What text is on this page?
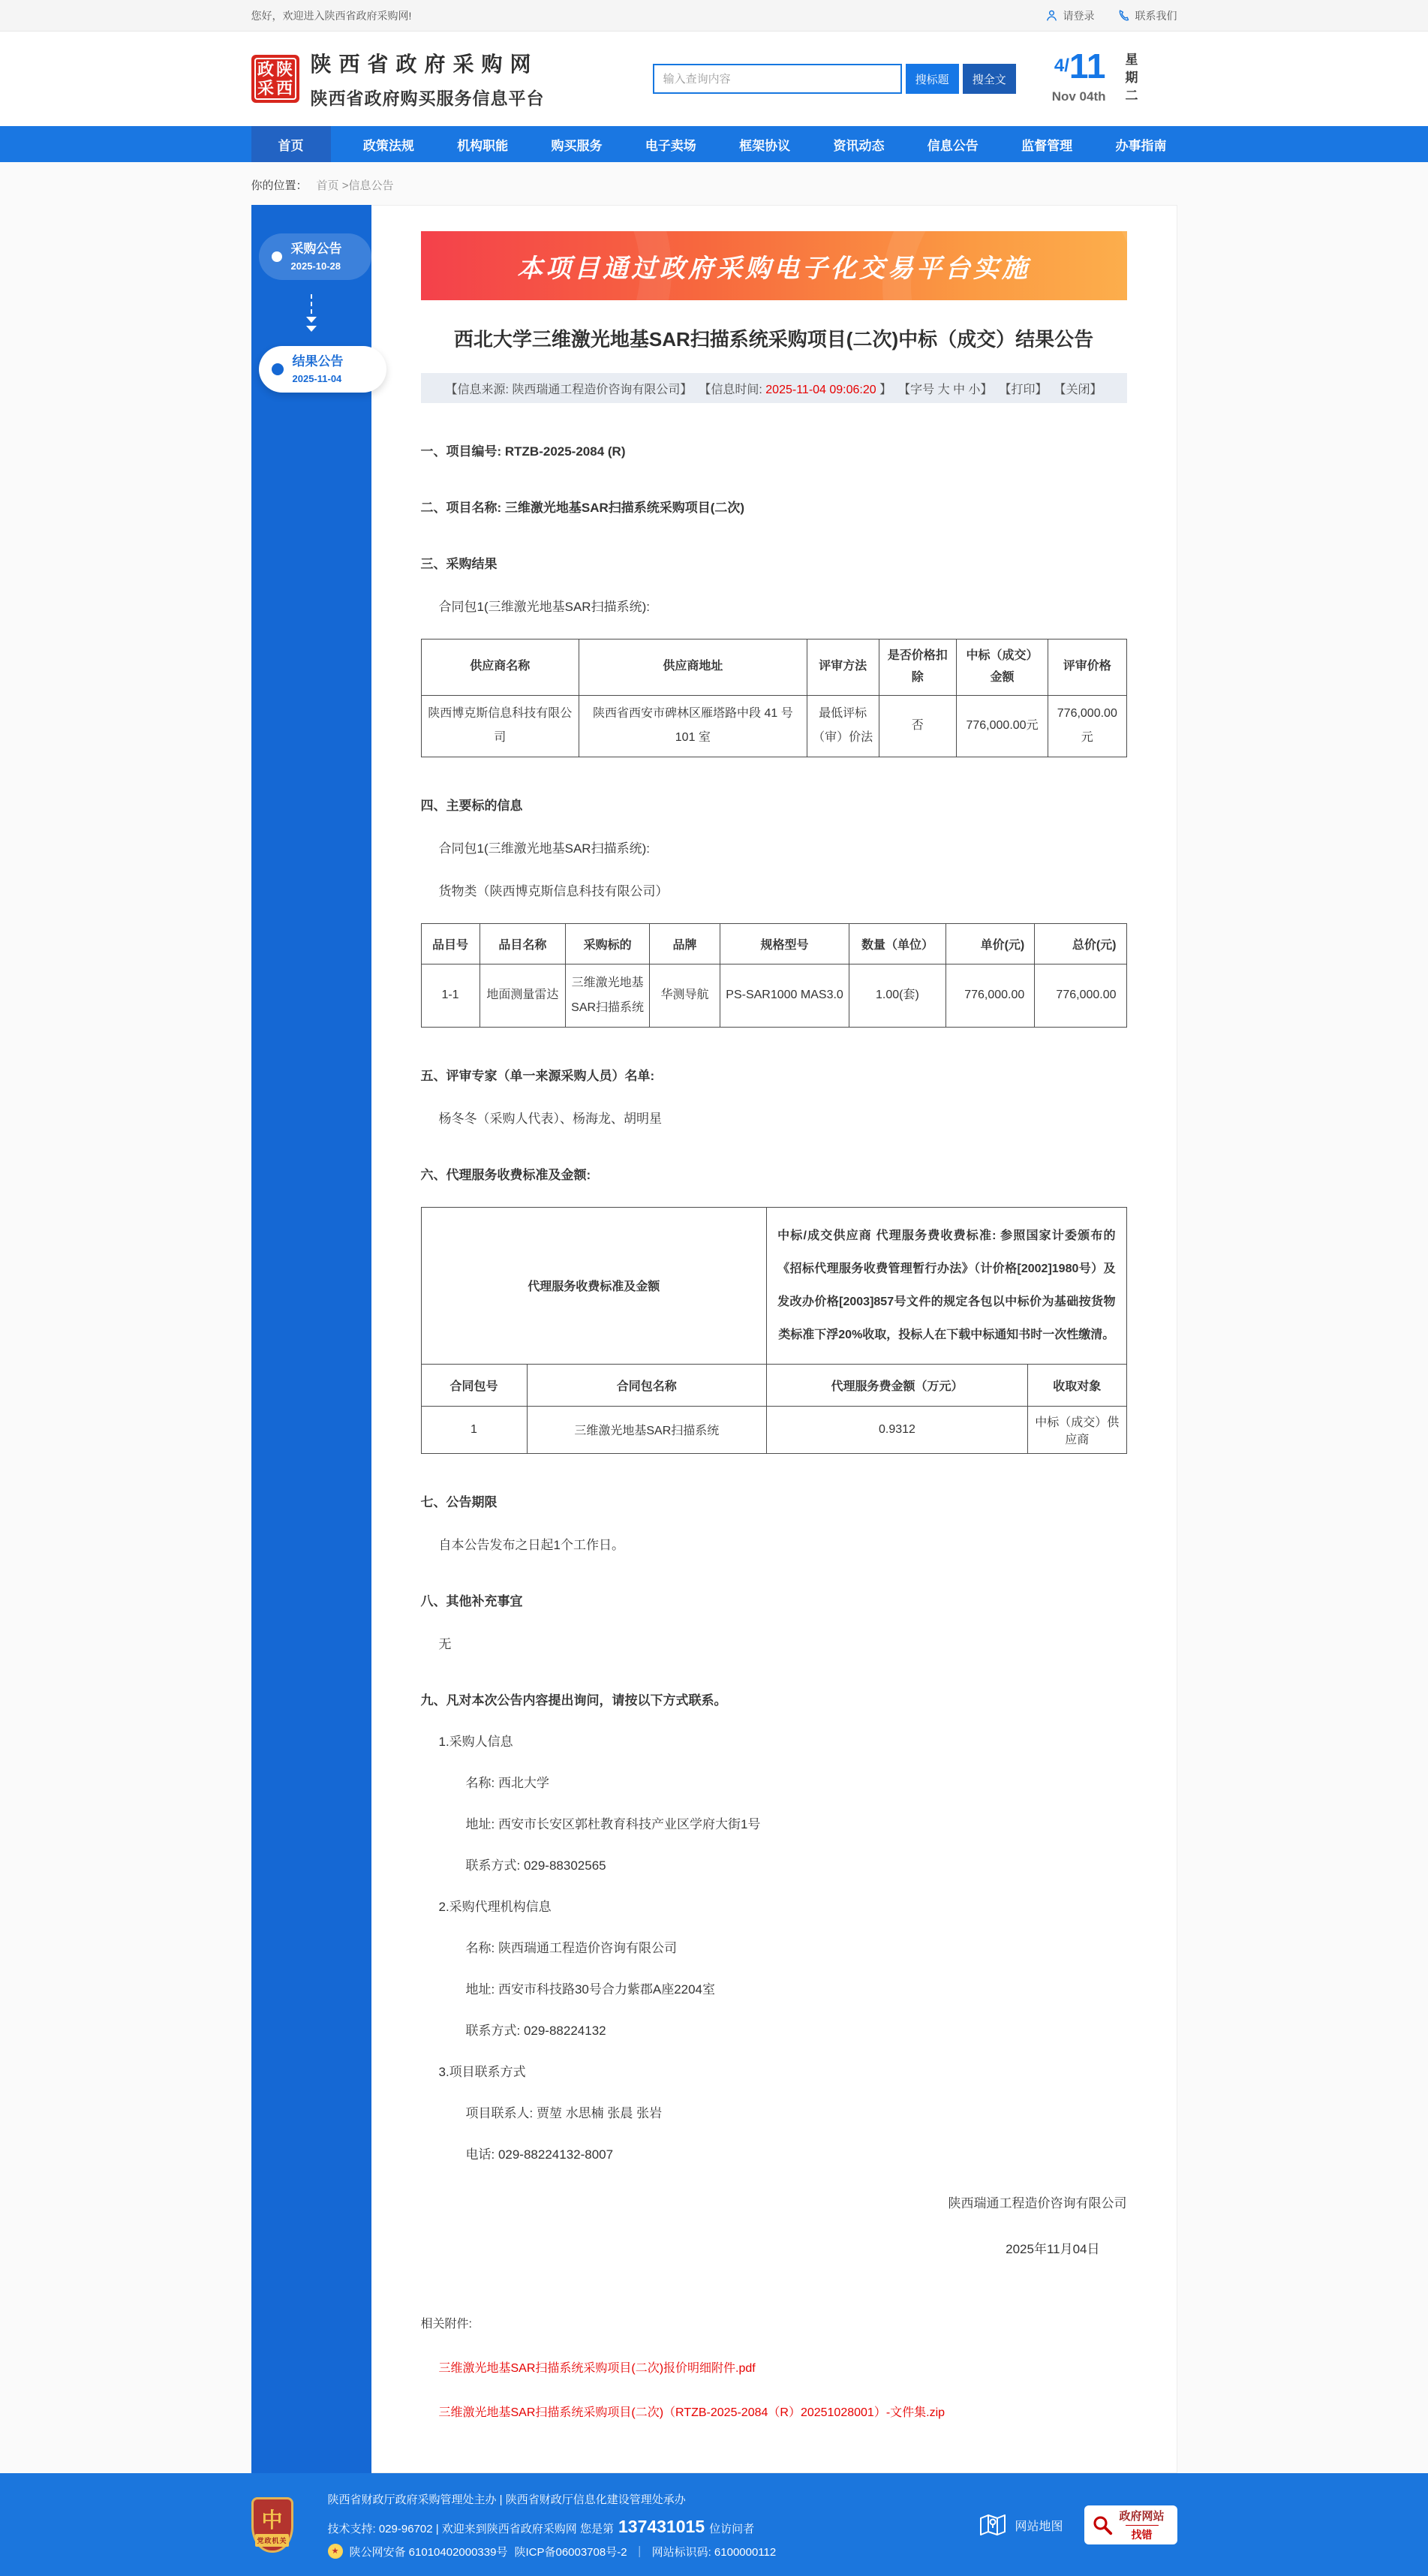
您好，欢迎进入陕西省政府采购网!	请登录	联系我们
政 陕
采 西
陕西省政府采购网
陕西省政府购买服务信息平台
输入查询内容
搜标题	搜全文
4/ 11
Nov 04th 星期二
首页	政策法规	机构职能	购买服务	电子卖场	框架协议	资讯动态	信息公告	监督管理	办事指南
你的位置： 首页 >信息公告
采购公告
2025-10-28
结果公告
2025-11-04
本项目通过政府采购电子化交易平台实施
西北大学三维激光地基SAR扫描系统采购项目(二次)中标（成交）结果公告
【信息来源: 陕西瑞通工程造价咨询有限公司】 【信息时间: 2025-11-04 09:06:20 】 【字号 大 中 小】 【打印】 【关闭】
一、项目编号: RTZB-2025-2084 (R)
二、项目名称: 三维激光地基SAR扫描系统采购项目(二次)
三、采购结果
合同包1(三维激光地基SAR扫描系统):
供应商名称	供应商地址	评审方法	是否价格扣除	中标（成交）金额	评审价格
陕西博克斯信息科技有限公司	陕西省西安市碑林区雁塔路中段 41 号 101 室	最低评标（审）价法	否	776,000.00元	776,000.00元
四、主要标的信息
合同包1(三维激光地基SAR扫描系统):
货物类（陕西博克斯信息科技有限公司）
品目号	品目名称	采购标的	品牌	规格型号	数量（单位）	单价(元)	总价(元)
1-1	地面测量雷达	三维激光地基SAR扫描系统	华测导航	PS-SAR1000 MAS3.0	1.00(套)	776,000.00	776,000.00
五、评审专家（单一来源采购人员）名单:
杨冬冬（采购人代表）、杨海龙、胡明星
六、代理服务收费标准及金额:
代理服务收费标准及金额		中标/成交供应商 代理服务费收费标准: 参照国家计委颁布的《招标代理服务收费管理暂行办法》（计价格[2002]1980号）及发改办价格[2003]857号文件的规定各包以中标价为基础按货物类标准下浮20%收取，投标人在下载中标通知书时一次性缴清。	
合同包号	合同包名称	代理服务费金额（万元）	收取对象
1	三维激光地基SAR扫描系统	0.9312	中标（成交）供应商
七、公告期限
自本公告发布之日起1个工作日。
八、其他补充事宜
无
九、凡对本次公告内容提出询问，请按以下方式联系。
1.采购人信息
名称: 西北大学
地址: 西安市长安区郭杜教育科技产业区学府大街1号
联系方式: 029-88302565
2.采购代理机构信息
名称: 陕西瑞通工程造价咨询有限公司
地址: 西安市科技路30号合力紫郡A座2204室
联系方式: 029-88224132
3.项目联系方式
项目联系人: 贾堃 水思楠 张晨 张岩
电话: 029-88224132-8007
陕西瑞通工程造价咨询有限公司
2025年11月04日
相关附件:
三维激光地基SAR扫描系统采购项目(二次)报价明细附件.pdf
三维激光地基SAR扫描系统采购项目(二次)（RTZB-2025-2084（R）20251028001）-文件集.zip
中
党政机关
陕西省财政厅政府采购管理处主办 | 陕西省财政厅信息化建设管理处承办
技术支持: 029-96702 | 欢迎来到陕西省政府采购网 您是第 137431015 位访问者
★ 陕公网安备 61010402000339号 陕ICP备06003708号-2 ｜ 网站标识码: 6100000112
网站地图
政府网站
找错
